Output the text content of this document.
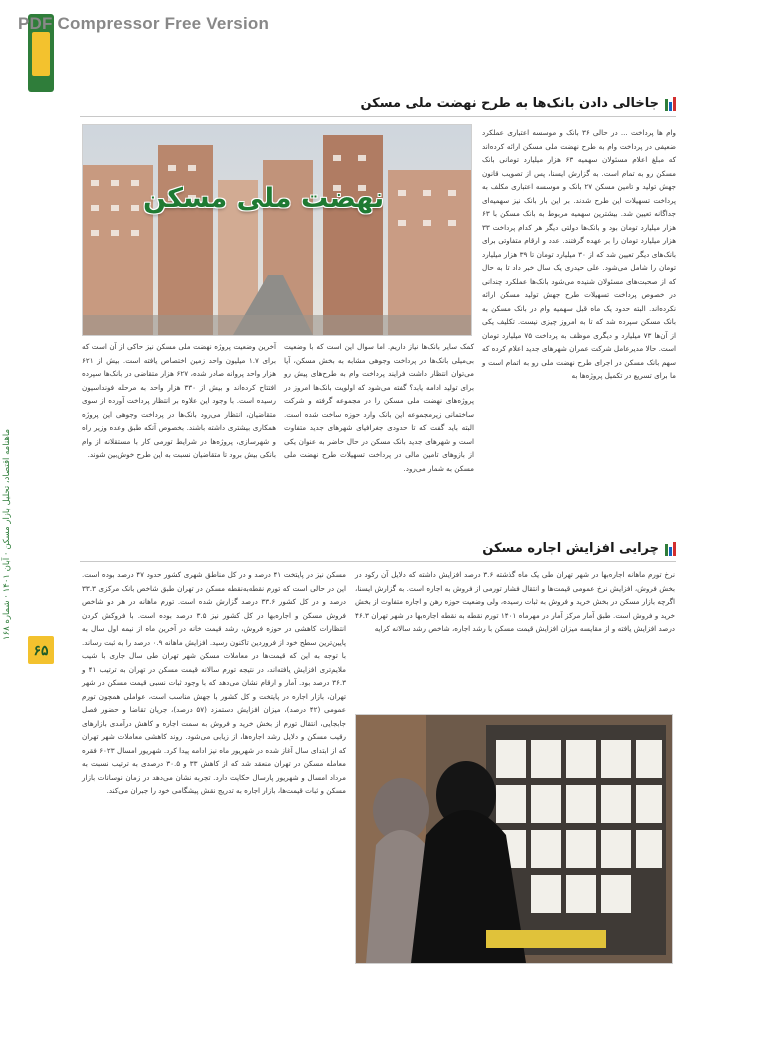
PDF Compressor Free Version
ماهنامه اقتصاد، تحلیل بازار مسکن · آبان ۱۴۰۱ · شماره ۱۶۸
۶۵
جاخالی دادن بانک‌ها به طرح نهضت ملی مسکن
نهضت ملی مسکن
وام ها پرداخت ... در حالی ۳۶ بانک و موسسه اعتباری عملکرد ضعیفی در پرداخت وام به طرح نهضت ملی مسکن ارائه کرده‌اند که مبلغ اعلام مسئولان سهمیه ۶۳ هزار میلیارد تومانی بانک مسکن رو به تمام است. به گزارش ایسنا، پس از تصویب قانون جهش تولید و تامین مسکن ۲۷ بانک و موسسه اعتباری مکلف به پرداخت تسهیلات این طرح شدند. بر این بار بانک نیز سهمیه‌ای جداگانه تعیین شد. بیشترین سهمیه مربوط به بانک مسکن با ۶۳ هزار میلیارد تومان بود و بانک‌ها دولتی دیگر هر کدام پرداخت ۳۳ هزار میلیارد تومان را بر عهده گرفتند. عدد و ارقام متفاوتی برای بانک‌های دیگر تعیین شد که از ۳۰ میلیارد تومان تا ۳۹ هزار میلیارد تومان را شامل می‌شود. علی حیدری یک سال خبر داد تا به حال که از صحبت‌های مسئولان شنیده می‌شود بانک‌ها عملکرد چندانی در خصوص پرداخت تسهیلات طرح جهش تولید مسکن ارائه نکرده‌اند. البته حدود یک ماه قبل سهمیه وام در بانک مسکن به بانک مسکن سپرده شد که تا به امروز چیزی نیست. تکلیف یکی از آن‌ها ۷۳ میلیارد و دیگری موظف به پرداخت ۷۵ میلیارد تومان است. حالا مدیرعامل شرکت عمران شهرهای جدید اعلام کرده که سهم بانک مسکن در اجرای طرح نهضت ملی رو به اتمام است و ما برای تسریع در تکمیل پروژه‌ها به
کمک سایر بانک‌ها نیاز داریم. اما سوال این است که با وضعیت بی‌میلی بانک‌ها در پرداخت وجوهی مشابه به بخش مسکن، آیا می‌توان انتظار داشت فرایند پرداخت وام به طرح‌های پیش رو برای تولید ادامه یابد؟ گفته می‌شود که اولویت بانک‌ها امروز در پروژه‌های نهضت ملی مسکن را در مجموعه گرفته و شرکت ساختمانی زیرمجموعه این بانک وارد حوزه ساخت شده است. البته باید گفت که تا حدودی جغرافیای شهرهای جدید متفاوت است و شهرهای جدید بانک مسکن در حال حاضر به عنوان یکی از بازوهای تامین مالی در پرداخت تسهیلات طرح نهضت ملی مسکن به شمار می‌رود.
آخرین وضعیت پروژه نهضت ملی مسکن نیز حاکی از آن است که برای ۱.۷ میلیون واحد زمین اختصاص یافته است. بیش از ۶۲۱ هزار واحد پروانه صادر شده، ۶۲۷ هزار متقاضی در بانک‌ها سپرده افتتاح کرده‌اند و بیش از ۳۳۰ هزار واحد به مرحله فونداسیون رسیده است. با وجود این علاوه بر انتظار پرداخت آورده از سوی متقاضیان، انتظار می‌رود بانک‌ها در پرداخت وجوهی این پروژه همکاری بیشتری داشته باشند. بخصوص آنکه طبق وعده وزیر راه و شهرسازی، پروژه‌ها در شرایط تورمی کار با مستقلانه از وام بانکی بیش برود تا متقاضیان نسبت به این طرح خوش‌بین شوند.
چرایی افزایش اجاره مسکن
نرخ تورم ماهانه اجاره‌بها در شهر تهران طی یک ماه گذشته ۳.۶ درصد افزایش داشته که دلایل آن رکود در بخش فروش، افزایش نرخ عمومی قیمت‌ها و انتقال فشار تورمی از فروش به اجاره است. به گزارش ایسنا، اگرچه بازار مسکن در بخش خرید و فروش به ثبات رسیده، ولی وضعیت حوزه رهن و اجاره متفاوت از بخش خرید و فروش است. طبق آمار مرکز آمار در مهرماه ۱۴۰۱ تورم نقطه به نقطه اجاره‌بها در شهر تهران ۴۶.۳ درصد افزایش یافته و از مقایسه میزان افزایش قیمت مسکن با رشد اجاره، شاخص رشد سالانه کرایه
مسکن نیز در پایتخت ۴۱ درصد و در کل مناطق شهری کشور حدود ۴۷ درصد بوده است. این در حالی است که تورم نقطه‌به‌نقطه مسکن در تهران طبق شاخص بانک مرکزی ۳۳.۳ درصد و در کل کشور ۳۳.۶ درصد گزارش شده است. تورم ماهانه در هر دو شاخص فروش مسکن و اجاره‌بها در کل کشور نیز ۳.۵ درصد بوده است. با فروکش کردن انتظارات کاهشی در حوزه فروش، رشد قیمت خانه در آخرین ماه از نیمه اول سال به پایین‌ترین سطح خود از فروردین تاکنون رسید. افزایش ماهانه ۰.۹ درصد را به ثبت رساند. با توجه به این که قیمت‌ها در معاملات مسکن شهر تهران طی سال جاری با شیب ملایم‌تری افزایش یافته‌اند، در نتیجه تورم سالانه قیمت مسکن در تهران به ترتیب ۴۱ و ۳۶.۳ درصد بود. آمار و ارقام نشان می‌دهد که با وجود ثبات نسبی قیمت مسکن در شهر تهران، بازار اجاره در پایتخت و کل کشور با جهش مناسب است، عواملی همچون تورم عمومی (۴۲ درصد)، میزان افزایش دستمزد (۵۷ درصد)، جریان تقاضا و حضور فصل جابجایی، انتقال تورم از بخش خرید و فروش به سمت اجاره و کاهش درآمدی بازارهای رقیب مسکن و دلایل رشد اجاره‌ها، از زیابی می‌شود. روند کاهشی معاملات شهر تهران که از ابتدای سال آغاز شده در شهریور ماه نیز ادامه پیدا کرد. شهریور امسال ۶۰۲۳ فقره معامله مسکن در تهران منعقد شد که از کاهش ۳۳ و ۳۰.۵ درصدی به ترتیب نسبت به مرداد امسال و شهریور پارسال حکایت دارد. تجربه نشان می‌دهد در زمان نوسانات بازار مسکن و ثبات قیمت‌ها، بازار اجاره به تدریج نقش پیشگامی خود را جبران می‌کند.
